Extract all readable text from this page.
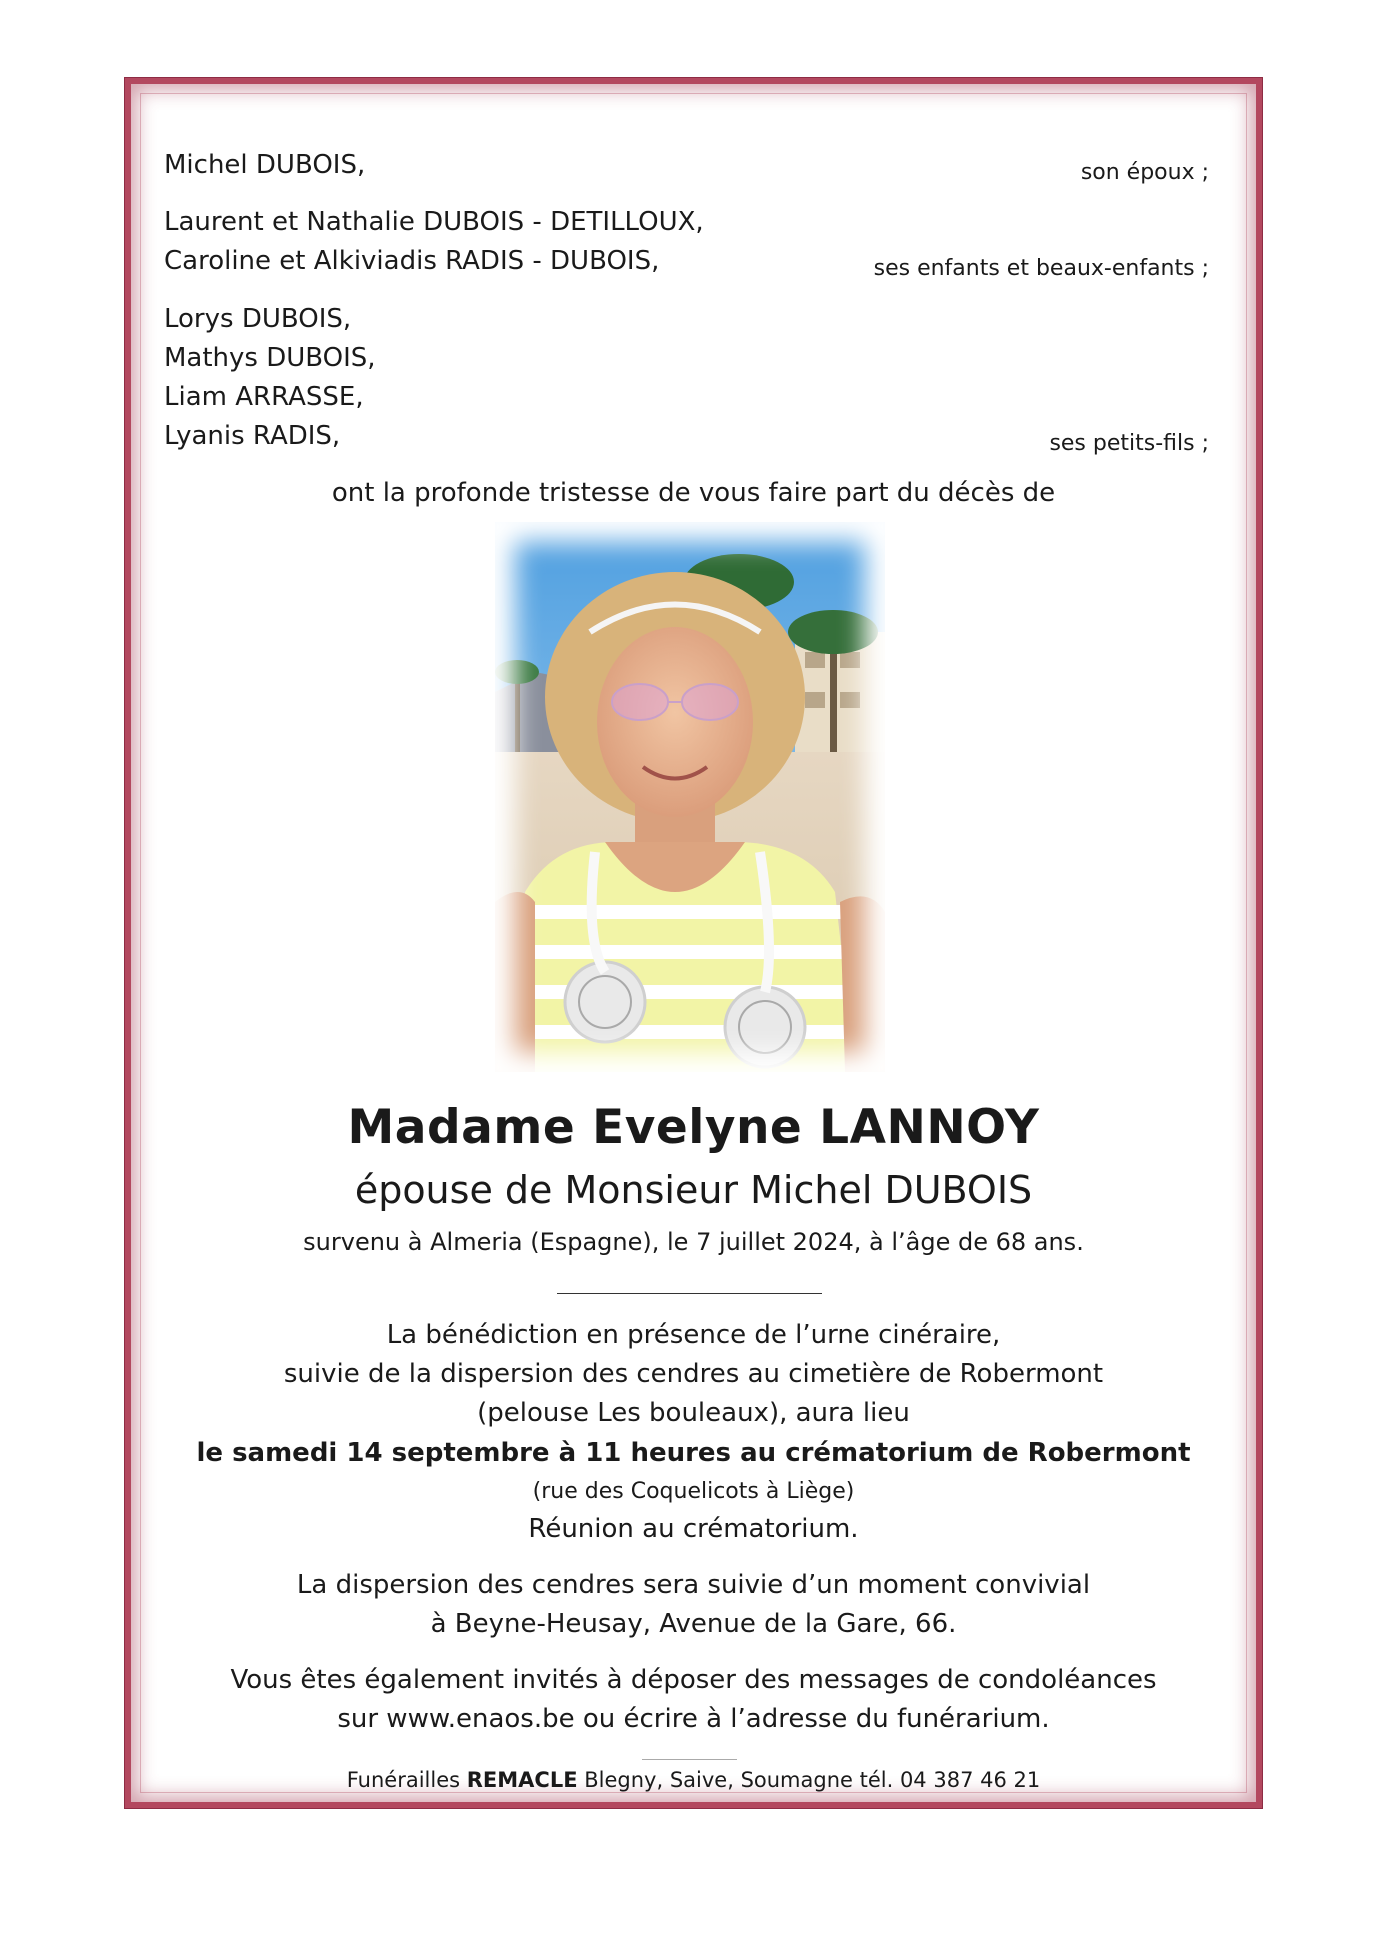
Michel DUBOIS,	son époux ;
Laurent et Nathalie DUBOIS - DETILLOUX,
Caroline et Alkiviadis RADIS - DUBOIS,	ses enfants et beaux-enfants ;
Lorys DUBOIS,
Mathys DUBOIS,
Liam ARRASSE,
Lyanis RADIS,	ses petits-fils ;
ont la profonde tristesse de vous faire part du décès de
Madame Evelyne LANNOY
épouse de Monsieur Michel DUBOIS
survenu à Almeria (Espagne), le 7 juillet 2024, à l’âge de 68 ans.
La bénédiction en présence de l’urne cinéraire,
suivie de la dispersion des cendres au cimetière de Robermont
(pelouse Les bouleaux), aura lieu
le samedi 14 septembre à 11 heures au crématorium de Robermont
(rue des Coquelicots à Liège)
Réunion au crématorium.
La dispersion des cendres sera suivie d’un moment convivial
à Beyne-Heusay, Avenue de la Gare, 66.
Vous êtes également invités à déposer des messages de condoléances
sur www.enaos.be ou écrire à l’adresse du funérarium.
Funérailles REMACLE Blegny, Saive, Soumagne tél. 04 387 46 21
